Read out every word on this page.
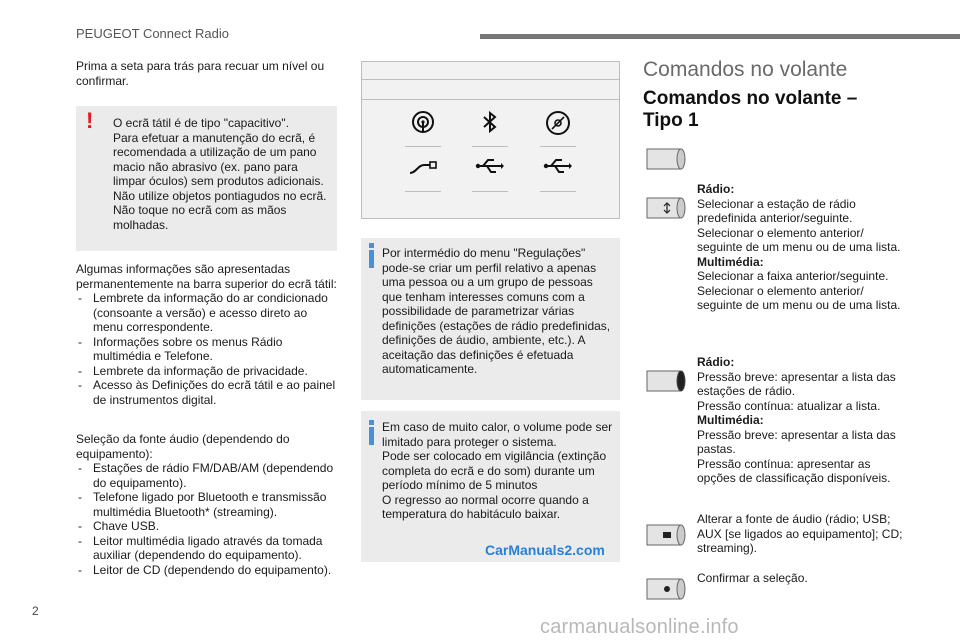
PEUGEOT Connect Radio
Prima a seta para trás para recuar um nível ou confirmar.
! O ecrã tátil é de tipo "capacitivo".

Para efetuar a manutenção do ecrã, é recomendada a utilização de um pano macio não abrasivo (ex. pano para limpar óculos) sem produtos adicionais.

Não utilize objetos pontiagudos no ecrã.

Não toque no ecrã com as mãos molhadas.

Algumas informações são apresentadas permanentemente na barra superior do ecrã tátil:

- Lembrete da informação do ar condicionado (consoante a versão) e acesso direto ao menu correspondente.
- Informações sobre os menus Rádio multimédia e Telefone.
- Lembrete da informação de privacidade.
- Acesso às Definições do ecrã tátil e ao painel de instrumentos digital.

Seleção da fonte áudio (dependendo do equipamento):

- Estações de rádio FM/DAB/AM (dependendo do equipamento).
- Telefone ligado por Bluetooth e transmissão multimédia Bluetooth* (streaming).
- Chave USB.
- Leitor multimédia ligado através da tomada auxiliar (dependendo do equipamento).
- Leitor de CD (dependendo do equipamento).
Por intermédio do menu "Regulações" pode-se criar um perfil relativo a apenas uma pessoa ou a um grupo de pessoas que tenham interesses comuns com a possibilidade de parametrizar várias definições (estações de rádio predefinidas, definições de áudio, ambiente, etc.). A aceitação das definições é efetuada automaticamente.

Em caso de muito calor, o volume pode ser limitado para proteger o sistema.

Pode ser colocado em vigilância (extinção completa do ecrã e do som) durante um período mínimo de 5 minutos

O regresso ao normal ocorre quando a temperatura do habitáculo baixar.

CarManuals2.com
Comandos no volante
Comandos no volante – Tipo 1

Rádio:

Selecionar a estação de rádio predefinida anterior/seguinte.

Selecionar o elemento anterior/ seguinte de um menu ou de uma lista.

Multimédia:

Selecionar a faixa anterior/seguinte.

Selecionar o elemento anterior/ seguinte de um menu ou de uma lista.

Rádio:

Pressão breve: apresentar a lista das estações de rádio.

Pressão contínua: atualizar a lista.

Multimédia:

Pressão breve: apresentar a lista das pastas.

Pressão contínua: apresentar as opções de classificação disponíveis.

Alterar a fonte de áudio (rádio; USB; AUX [se ligados ao equipamento]; CD; streaming).

Confirmar a seleção.

2
carmanualsonline.info
